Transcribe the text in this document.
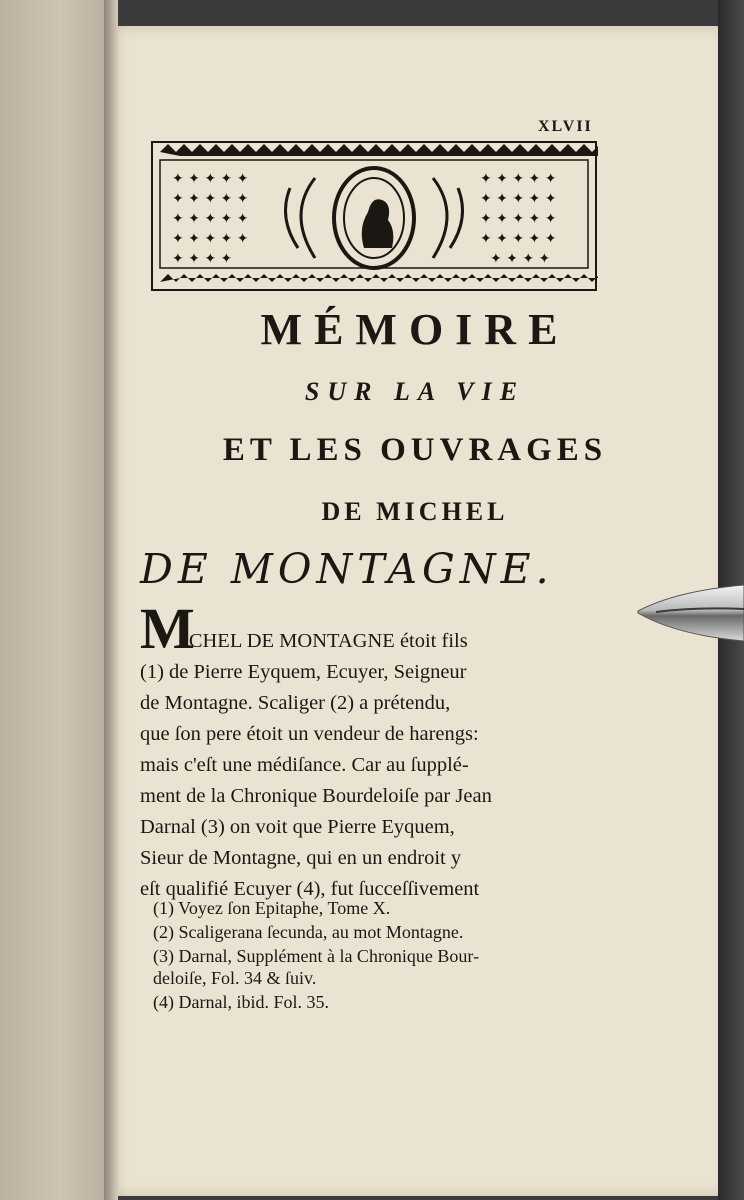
XLVII
✦ ✦ ✦ ✦ ✦
✦ ✦ ✦ ✦ ✦
✦ ✦ ✦ ✦ ✦
✦ ✦ ✦ ✦ ✦
✦ ✦ ✦ ✦
✦ ✦ ✦ ✦ ✦
✦ ✦ ✦ ✦ ✦
✦ ✦ ✦ ✦ ✦
✦ ✦ ✦ ✦ ✦
✦ ✦ ✦ ✦
MÉMOIRE
SUR LA VIE
ET LES OUVRAGES
DE MICHEL
DE MONTAGNE.
M
ICHEL DE MONTAGNE étoit fils
(1) de Pierre Eyquem, Ecuyer, Seigneur
de Montagne. Scaliger (2) a prétendu,
que ſon pere étoit un vendeur de harengs:
mais c'eſt une médiſance. Car au ſupplé-
ment de la Chronique Bourdeloiſe par Jean
Darnal (3) on voit que Pierre Eyquem,
Sieur de Montagne, qui en un endroit y
eſt qualifié Ecuyer (4), fut ſucceſſivement
(1) Voyez ſon Epitaphe, Tome X.
(2) Scaligerana ſecunda, au mot Montagne.
(3) Darnal, Supplément à la Chronique Bour-
deloiſe, Fol. 34 & ſuiv.
(4) Darnal, ibid. Fol. 35.
